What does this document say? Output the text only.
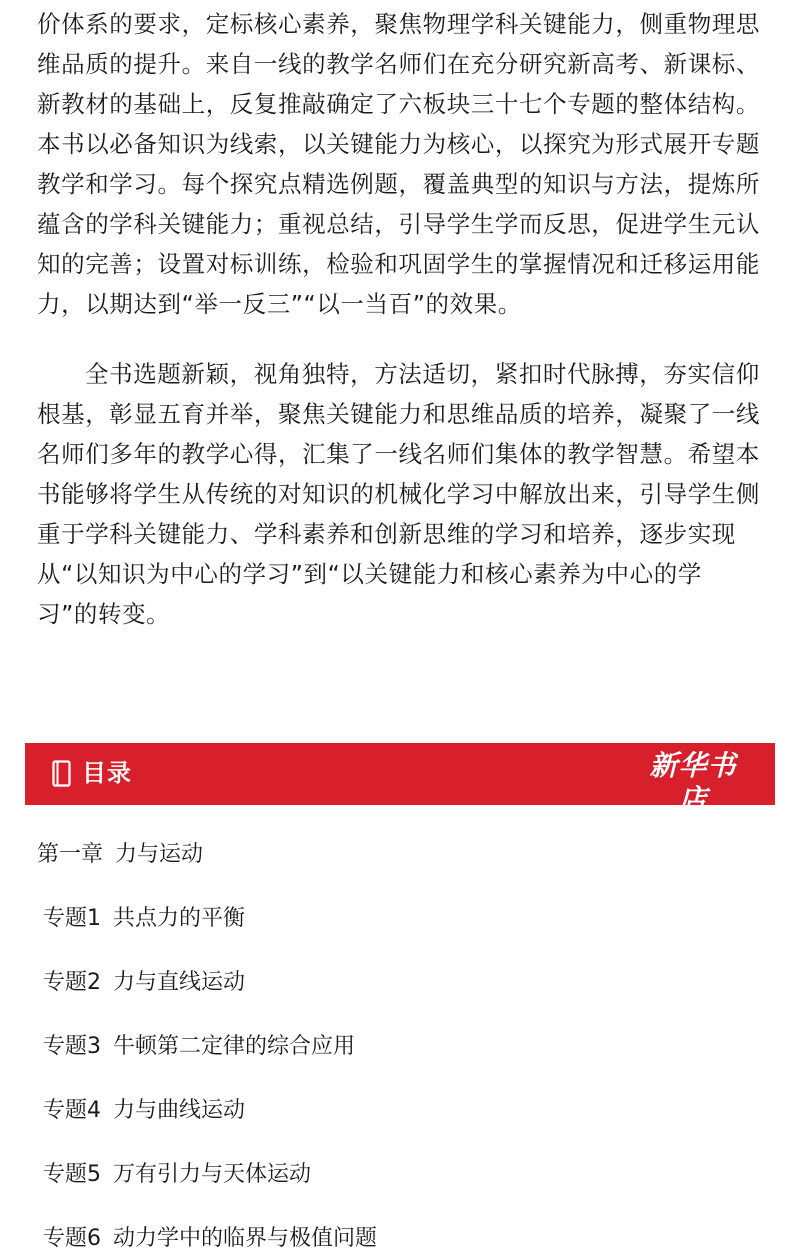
价体系的要求，定标核心素养，聚焦物理学科关键能力，侧重物理思
维品质的提升。来自一线的教学名师们在充分研究新高考、新课标、
新教材的基础上，反复推敲确定了六板块三十七个专题的整体结构。
本书以必备知识为线索，以关键能力为核心，以探究为形式展开专题
教学和学习。每个探究点精选例题，覆盖典型的知识与方法，提炼所
蕴含的学科关键能力；重视总结，引导学生学而反思，促进学生元认
知的完善；设置对标训练，检验和巩固学生的掌握情况和迁移运用能
力，以期达到“举一反三”“以一当百”的效果。
全书选题新颖，视角独特，方法适切，紧扣时代脉搏，夯实信仰
根基，彰显五育并举，聚焦关键能力和思维品质的培养，凝聚了一线
名师们多年的教学心得，汇集了一线名师们集体的教学智慧。希望本
书能够将学生从传统的对知识的机械化学习中解放出来，引导学生侧
重于学科关键能力、学科素养和创新思维的学习和培养，逐步实现
从“以知识为中心的学习”到“以关键能力和核心素养为中心的学
习”的转变。
目录	新华书店
XINHUA BOOKSTORE
第一章 力与运动
专题1 共点力的平衡
专题2 力与直线运动
专题3 牛顿第二定律的综合应用
专题4 力与曲线运动
专题5 万有引力与天体运动
专题6 动力学中的临界与极值问题
